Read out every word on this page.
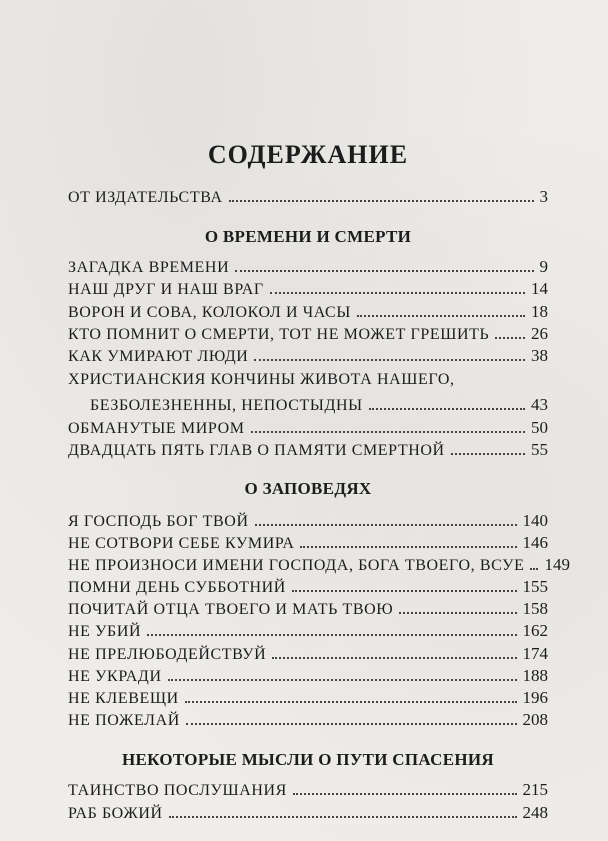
СОДЕРЖАНИЕ
ОТ ИЗДАТЕЛЬСТВА	3
О ВРЕМЕНИ И СМЕРТИ
ЗАГАДКА ВРЕМЕНИ	9
НАШ ДРУГ И НАШ ВРАГ	14
ВОРОН И СОВА, КОЛОКОЛ И ЧАСЫ	18
КТО ПОМНИТ О СМЕРТИ, ТОТ НЕ МОЖЕТ ГРЕШИТЬ 26
КАК УМИРАЮТ ЛЮДИ	38
ХРИСТИАНСКИЯ КОНЧИНЫ ЖИВОТА НАШЕГО,
БЕЗБОЛЕЗНЕННЫ, НЕПОСТЫДНЫ	43
ОБМАНУТЫЕ МИРОМ	50
ДВАДЦАТЬ ПЯТЬ ГЛАВ О ПАМЯТИ СМЕРТНОЙ	55
О ЗАПОВЕДЯХ
Я ГОСПОДЬ БОГ ТВОЙ	140
НЕ СОТВОРИ СЕБЕ КУМИРА	146
НЕ ПРОИЗНОСИ ИМЕНИ ГОСПОДА, БОГА ТВОЕГО, ВСУЕ 149
ПОМНИ ДЕНЬ СУББОТНИЙ	155
ПОЧИТАЙ ОТЦА ТВОЕГО И МАТЬ ТВОЮ	158
НЕ УБИЙ	162
НЕ ПРЕЛЮБОДЕЙСТВУЙ	174
НЕ УКРАДИ	188
НЕ КЛЕВЕЩИ	196
НЕ ПОЖЕЛАЙ	208
НЕКОТОРЫЕ МЫСЛИ О ПУТИ СПАСЕНИЯ
ТАИНСТВО ПОСЛУШАНИЯ	215
РАБ БОЖИЙ	248
